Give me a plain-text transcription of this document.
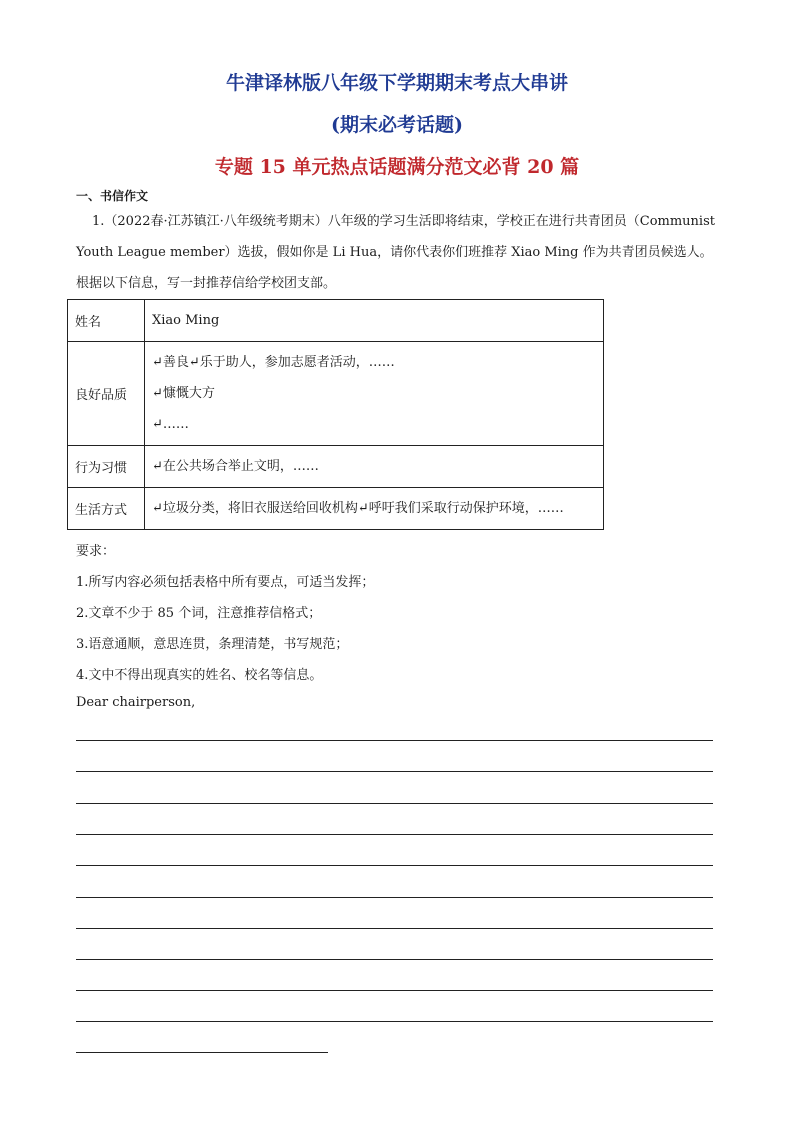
牛津译林版八年级下学期期末考点大串讲
(期末必考话题)
专题 15 单元热点话题满分范文必背 20 篇
一、书信作文
1.（2022春·江苏镇江·八年级统考期末）八年级的学习生活即将结束，学校正在进行共青团员（Communist Youth League member）选拔，假如你是 Li Hua，请你代表你们班推荐 Xiao Ming 作为共青团员候选人。根据以下信息，写一封推荐信给学校团支部。
姓名	Xiao Ming

良好品质	↵善良↵乐于助人，参加志愿者活动，……
↵慷慨大方
↵……

行为习惯	↵在公共场合举止文明，……

生活方式	↵垃圾分类，将旧衣服送给回收机构↵呼吁我们采取行动保护环境，……
要求：
1.所写内容必须包括表格中所有要点，可适当发挥；
2.文章不少于 85 个词，注意推荐信格式；
3.语意通顺，意思连贯，条理清楚，书写规范；
4.文中不得出现真实的姓名、校名等信息。
Dear chairperson,
